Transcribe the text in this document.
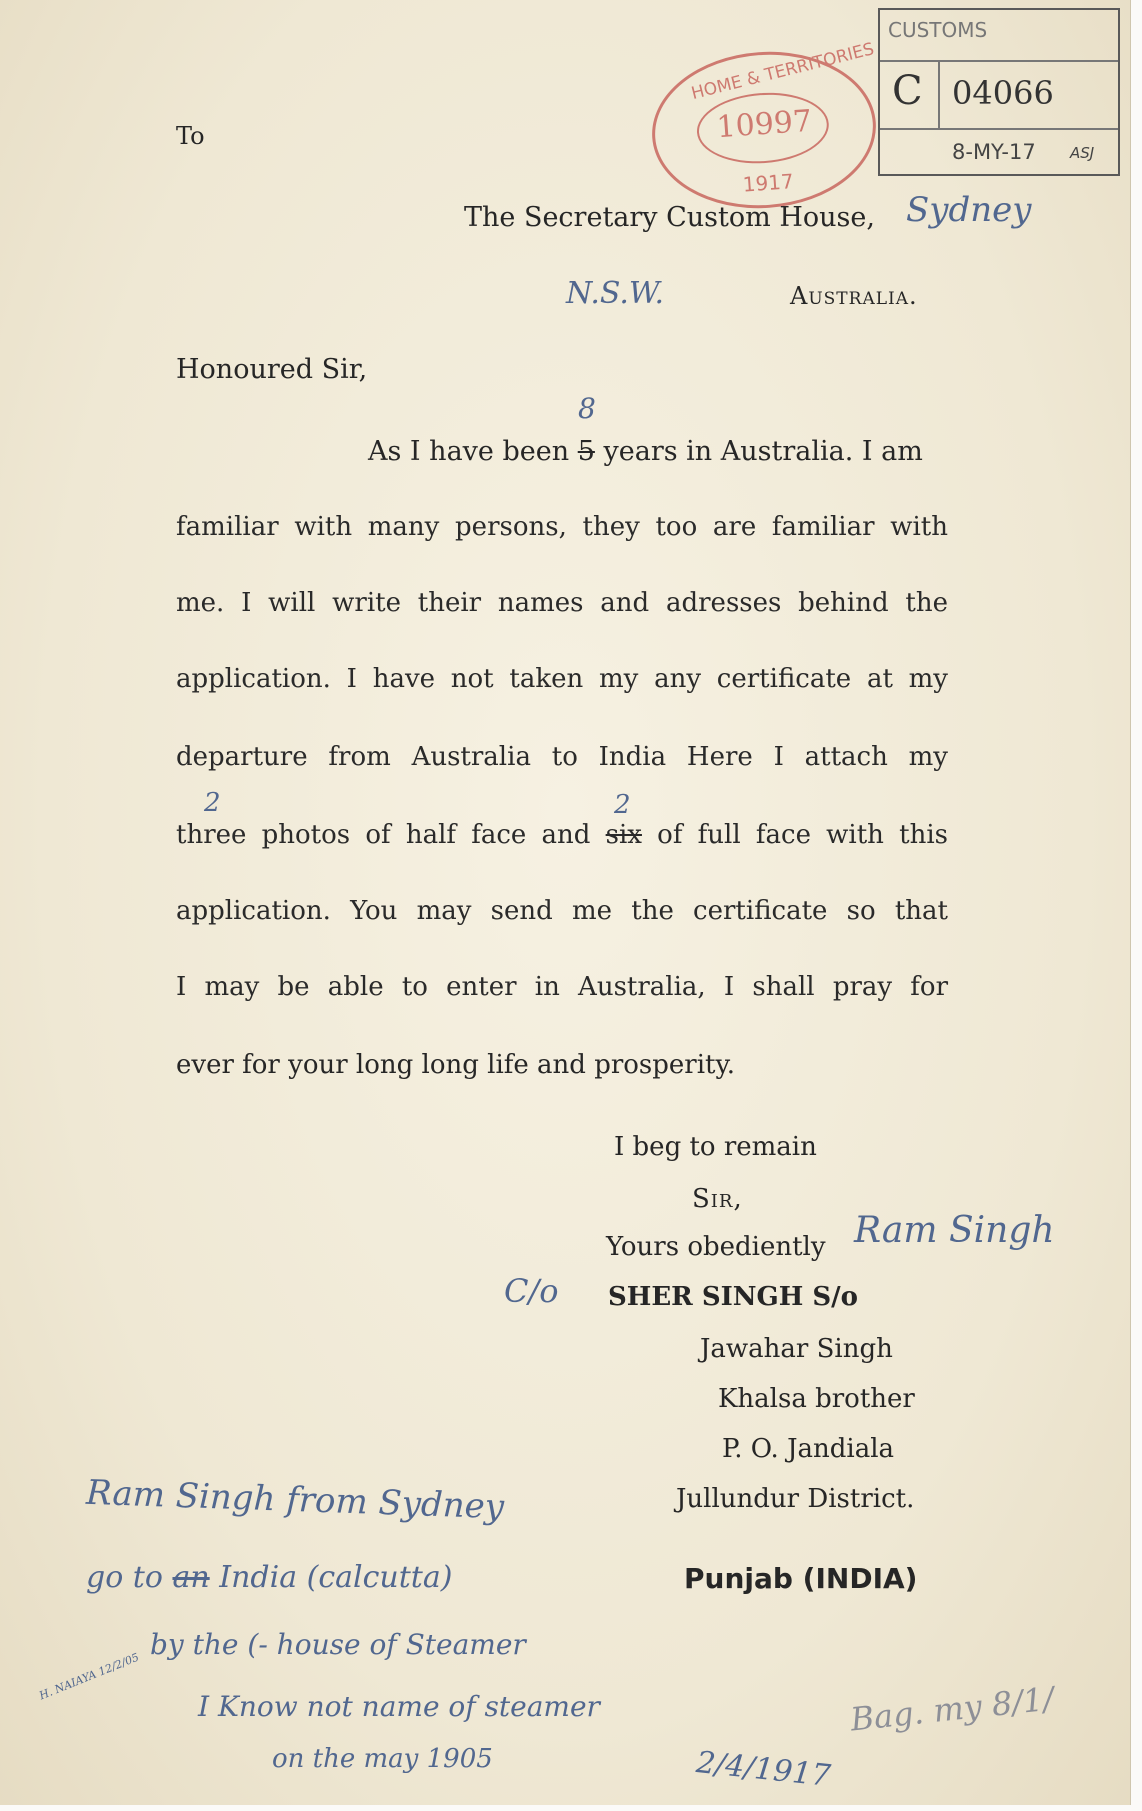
HOME & TERRITORIES
10997
1917
CUSTOMS
C 04066
8-MY-17 ASJ
To
The Secretary Custom House, Sydney
N.S.W.	Australia.
Honoured Sir,
8
As I have been 5 years in Australia. I am
familiar with many persons, they too are familiar with
me. I will write their names and adresses behind the
application. I have not taken my any certificate at my
departure from Australia to India Here I attach my
2	2
three photos of half face and six of full face with this
application. You may send me the certificate so that
I may be able to enter in Australia, I shall pray for
ever for your long long life and prosperity.
I beg to remain
Sir,
Yours obediently Ram Singh
C/o SHER SINGH S/o
Jawahar Singh
Khalsa brother
P. O. Jandiala
Jullundur District.
Punjab (INDIA)
Ram Singh from Sydney
go to an India (calcutta)
by the (- house of Steamer
I Know not name of steamer
on the may 1905	2/4/1917
H. NAIAYA 12/2/05
Bag. my 8/1/
